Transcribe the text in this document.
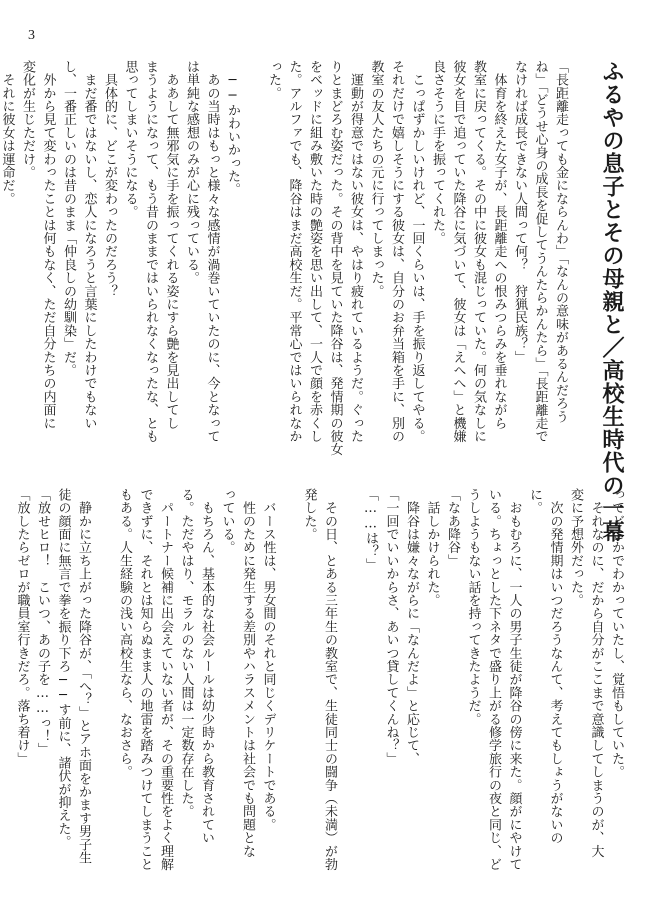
3
ふるやの息子とその母親と／高校生時代の一幕
「長距離走っても金にならんわ」「なんの意味があるんだろう
ね」「どうせ心身の成長を促してうんたらかんたら」「長距離走で
なければ成長できない人間って何？　狩猟民族？」
　体育を終えた女子が、長距離走への恨みつらみを垂れながら
教室に戻ってくる。その中に彼女も混じっていた。何の気なしに
彼女を目で追っていた降谷に気づいて、彼女は「えへへ」と機嫌
良さそうに手を振ってくれた。
　こっぱずかしいけれど、一回くらいは、手を振り返してやる。
それだけで嬉しそうにする彼女は、自分のお弁当箱を手に、別の
教室の友人たちの元に行ってしまった。
　運動が得意ではない彼女は、やはり疲れているようだ。ぐった
りとまどろむ姿だった。その背中を見ていた降谷は、発情期の彼女
をベッドに組み敷いた時の艶姿を思い出して、一人で顔を赤くし
た。アルファでも、降谷はまだ高校生だ。平常心ではいられなか
った。
　──かわいかった。
　あの当時はもっと様々な感情が渦巻いていたのに、今となって
は単純な感想のみが心に残っている。
　ああして無邪気に手を振ってくれる姿にすら艶を見出してし
まうようになって、もう昔のままではいられなくなったな、とも
思ってしまいそうになる。
　具体的に、どこが変わったのだろう？
　まだ番ではないし、恋人になろうと言葉にしたわけでもない
し、一番正しいのは昔のまま「仲良しの幼馴染」だ。
　外から見て変わったことは何もなく、ただ自分たちの内面に
変化が生じただけ。
　それに彼女は運命だ。
ってどこかでわかっていたし、覚悟もしていた。
　それなのに、だから自分がここまで意識してしまうのが、大
変に予想外だった。
　次の発情期はいつだろうなんて、考えてもしょうがないの
に。
　おもむろに、一人の男子生徒が降谷の傍に来た。顔がにやけて
いる。ちょっとした下ネタで盛り上がる修学旅行の夜と同じ、ど
うしようもない話を持ってきたようだ。
「なあ降谷」
　話しかけられた。
　降谷は嫌々ながらに「なんだよ」と応じて、
「一回でいいからさ、あいつ貸してくんね？」
「……は？」
　その日、とある三年生の教室で、生徒同士の闘争（未満）が勃
発した。
　バース性は、男女間のそれと同じくデリケートである。
　性のために発生する差別やハラスメントは社会でも問題とな
っている。
　もちろん、基本的な社会ルールは幼少時から教育されてい
る。ただやはり、モラルのない人間は一定数存在した。
　パートナー候補に出会えていない者が、その重要性をよく理解
できずに、それとは知らぬまま人の地雷を踏みつけてしまうこと
もある。人生経験の浅い高校生なら、なおさら。
　静かに立ち上がった降谷が、「へ？」とアホ面をかます男子生
徒の顔面に無言で拳を振り下ろ──す前に、諸伏が抑えた。
「放せヒロ！　こいつ、あの子を……っ！」
「放したらゼロが職員室行きだろ。落ち着け」
